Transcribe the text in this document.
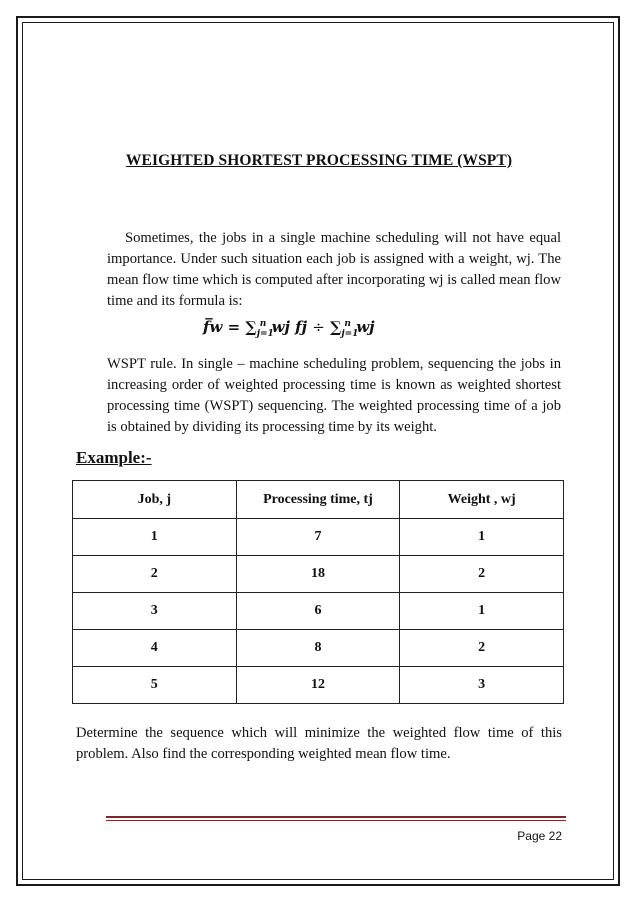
WEIGHTED SHORTEST PROCESSING TIME (WSPT)
Sometimes, the jobs in a single machine scheduling will not have equal importance. Under such situation each job is assigned with a weight, wj. The mean flow time which is computed after incorporating wj is called mean flow time and its formula is:
f̅w = $\sum_{j=1}^n$ wj fj ÷ $\sum_{j=1}^n$ wj
WSPT rule. In single – machine scheduling problem, sequencing the jobs in increasing order of weighted processing time is known as weighted shortest processing time (WSPT) sequencing. The weighted processing time of a job is obtained by dividing its processing time by its weight.
Example:-
Job, j	Processing time, tj	Weight , wj
1	7	1
2	18	2
3	6	1
4	8	2
5	12	3
Determine the sequence which will minimize the weighted flow time of this problem. Also find the corresponding weighted mean flow time.
Page 22
